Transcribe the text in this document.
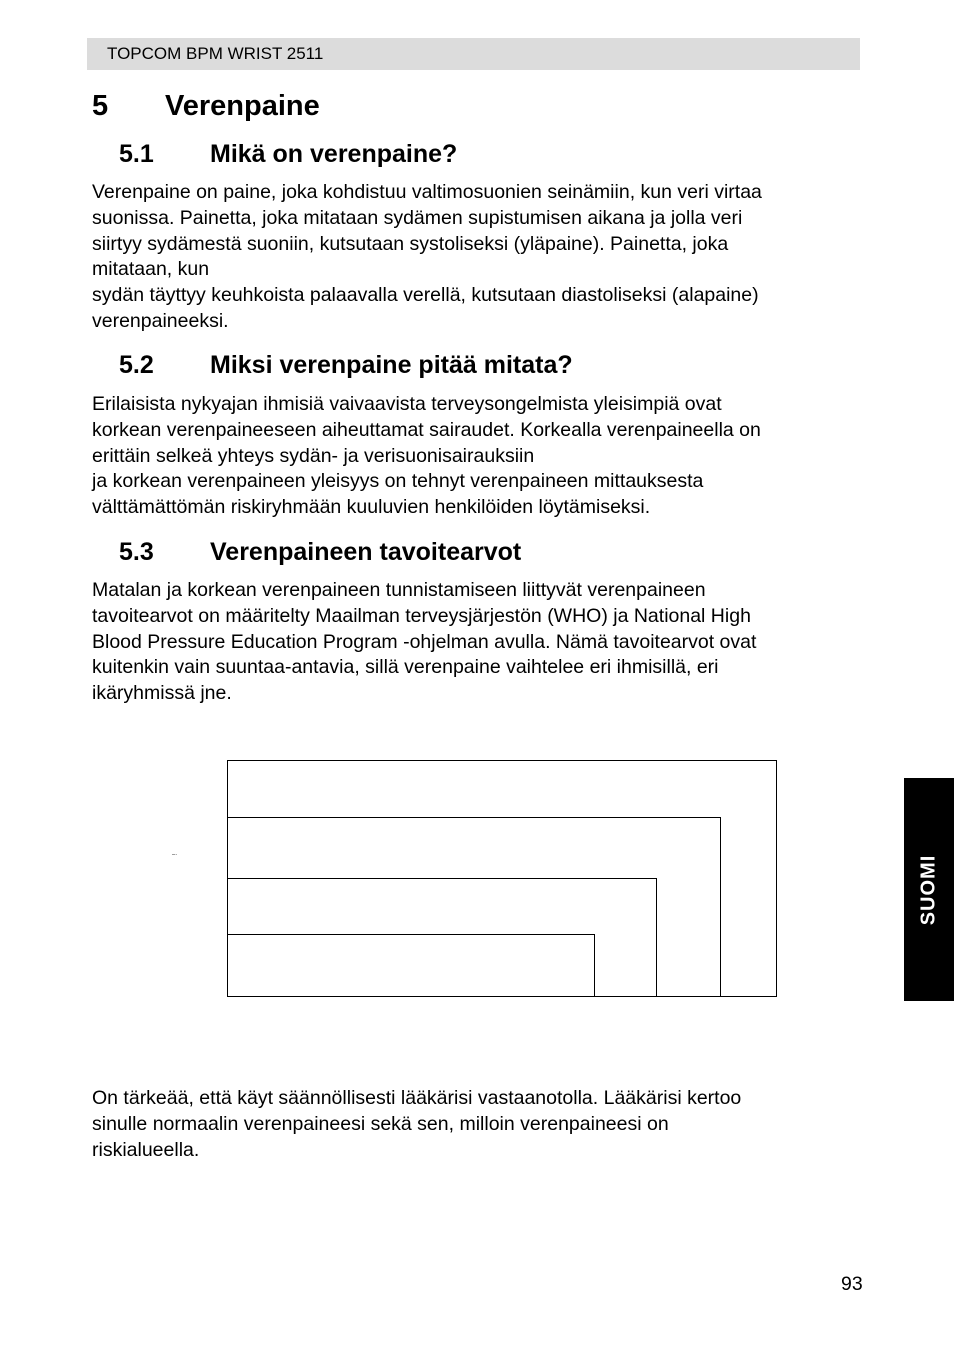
TOPCOM BPM WRIST 2511
5 Verenpaine
5.1 Mikä on verenpaine?
Verenpaine on paine, joka kohdistuu valtimosuonien seinämiin, kun veri virtaa
suonissa. Painetta, joka mitataan sydämen supistumisen aikana ja jolla veri
siirtyy sydämestä suoniin, kutsutaan systoliseksi (yläpaine). Painetta, joka
mitataan, kun
sydän täyttyy keuhkoista palaavalla verellä, kutsutaan diastoliseksi (alapaine)
verenpaineeksi.
5.2 Miksi verenpaine pitää mitata?
Erilaisista nykyajan ihmisiä vaivaavista terveysongelmista yleisimpiä ovat
korkean verenpaineeseen aiheuttamat sairaudet. Korkealla verenpaineella on
erittäin selkeä yhteys sydän- ja verisuonisairauksiin
ja korkean verenpaineen yleisyys on tehnyt verenpaineen mittauksesta
välttämättömän riskiryhmään kuuluvien henkilöiden löytämiseksi.
5.3 Verenpaineen tavoitearvot
Matalan ja korkean verenpaineen tunnistamiseen liittyvät verenpaineen
tavoitearvot on määritelty Maailman terveysjärjestön (WHO) ja National High
Blood Pressure Education Program -ohjelman avulla. Nämä tavoitearvot ovat
kuitenkin vain suuntaa-antavia, sillä verenpaine vaihtelee eri ihmisillä, eri
ikäryhmissä jne.
–·
On tärkeää, että käyt säännöllisesti lääkärisi vastaanotolla. Lääkärisi kertoo
sinulle normaalin verenpaineesi sekä sen, milloin verenpaineesi on
riskialueella.
SUOMI
93
